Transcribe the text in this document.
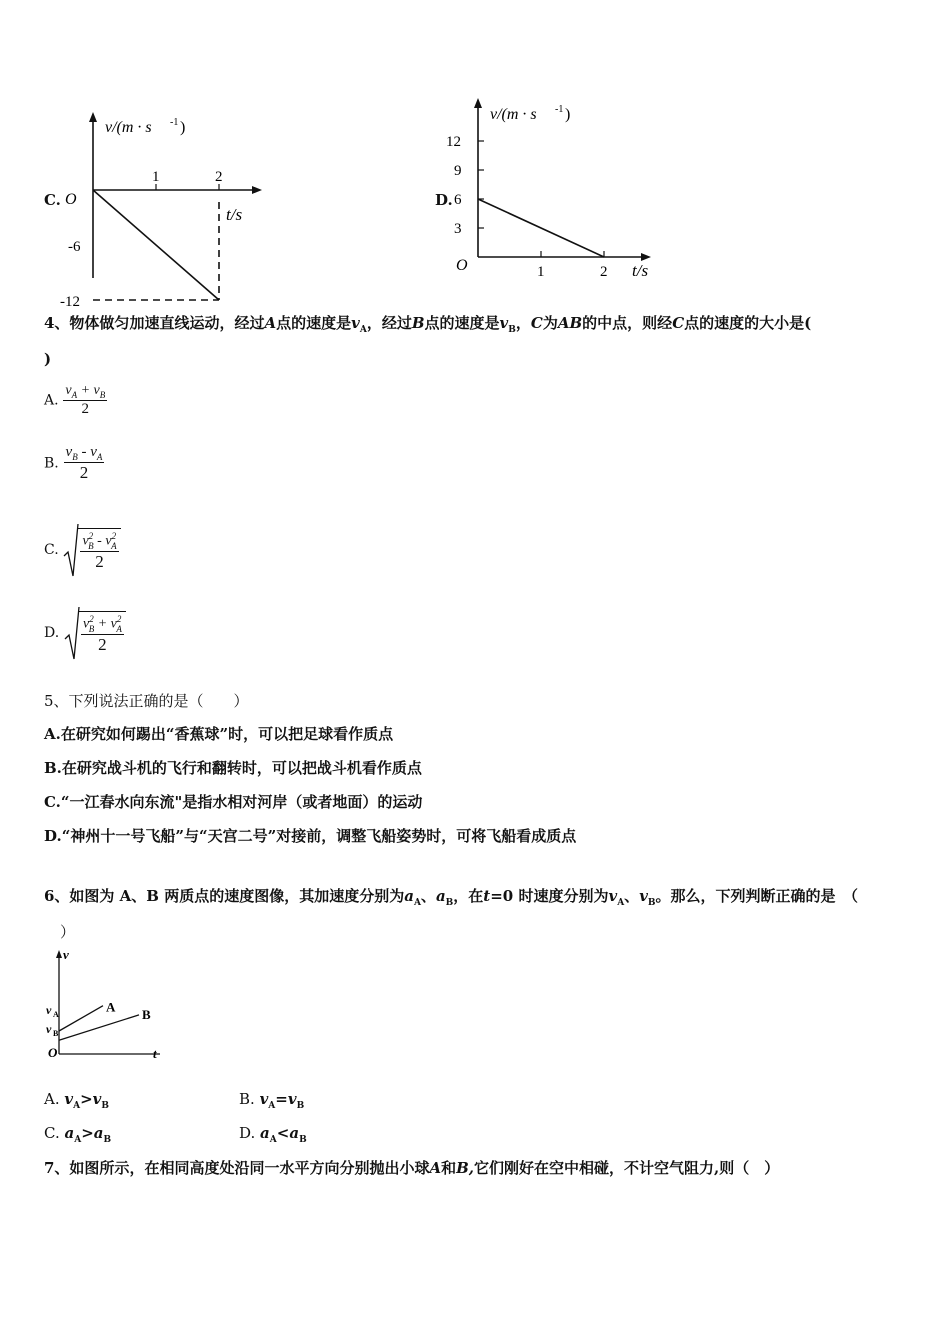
C.
v/(m · s -1 )
O
t/s
1	2
-6
-12
D.
v/(m · s -1 )
O	t/s
1	2
12
9
6
3
4、物体做匀加速直线运动，经过A点的速度是$v_A$，经过B点的速度是$v_B$，C为AB的中点，则经C点的速度的大小是(
)
A. $\frac{v_A + v_B}{2}$
B. $\frac{v_B - v_A}{2}$
C. $\frac{v^2_B - v^2_A}{2}$
D. $\frac{v^2_B + v^2_A}{2}$
5、下列说法正确的是（　　）
A.在研究如何踢出“香蕉球”时，可以把足球看作质点
B.在研究战斗机的飞行和翻转时，可以把战斗机看作质点
C.“一江春水向东流"是指水相对河岸（或者地面）的运动
D.“神州十一号飞船”与“天宫二号”对接前，调整飞船姿势时，可将飞船看成质点
6、如图为 A、B 两质点的速度图像，其加速度分别为$a_A$、$a_B$，在t=0 时速度分别为$v_A$、$v_B$。那么，下列判断正确的是　（
）
v
v A
v B
O	t
A B
A. $v_A>v_B$	B. $v_A=v_B$
C. $a_A>a_B$	D. $a_A<a_B$
7、如图所示，在相同高度处沿同一水平方向分别抛出小球A和B,它们刚好在空中相碰，不计空气阻力,则（　）
